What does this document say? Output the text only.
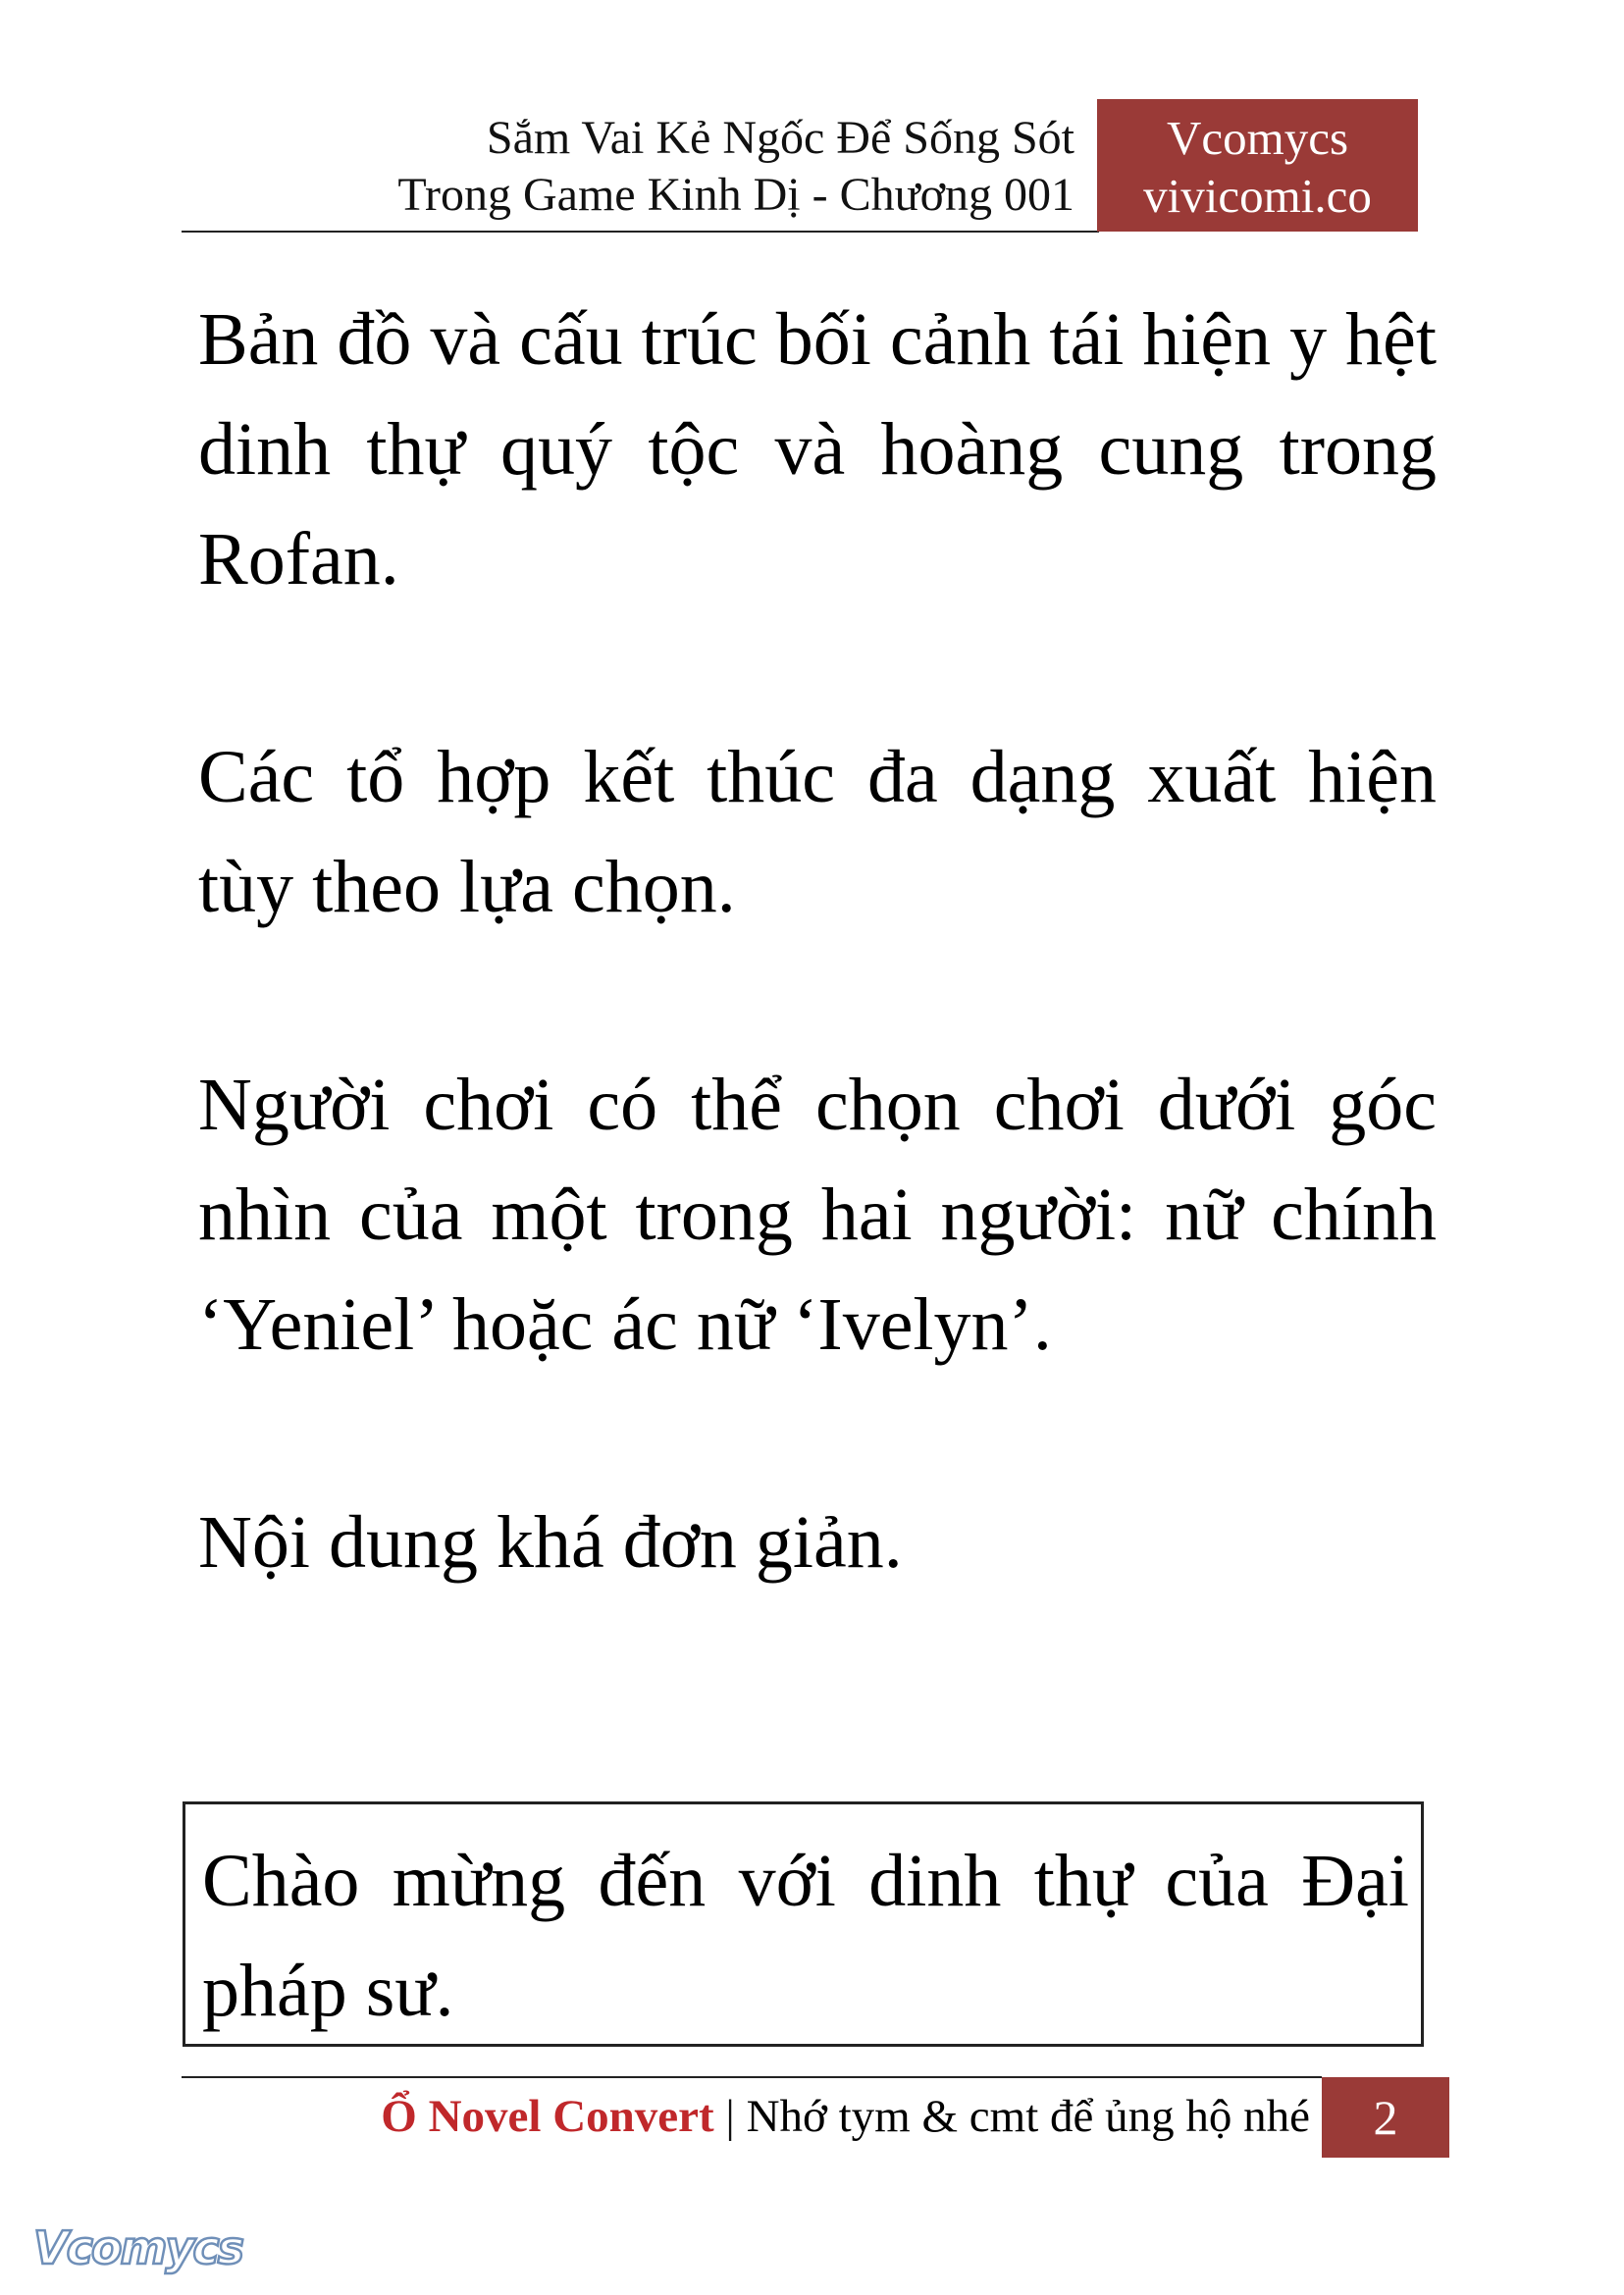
Sắm Vai Kẻ Ngốc Để Sống Sót
Trong Game Kinh Dị - Chương 001
Vcomycs
vivicomi.co

Bản đồ và cấu trúc bối cảnh tái hiện y hệt dinh thự quý tộc và hoàng cung trong Rofan.

Các tổ hợp kết thúc đa dạng xuất hiện tùy theo lựa chọn.

Người chơi có thể chọn chơi dưới góc nhìn của một trong hai người: nữ chính ‘Yeniel’ hoặc ác nữ ‘Ivelyn’.

Nội dung khá đơn giản.

Chào mừng đến với dinh thự của Đại pháp sư.
Ổ Novel Convert | Nhớ tym & cmt để ủng hộ nhé	2
Vcomycs
